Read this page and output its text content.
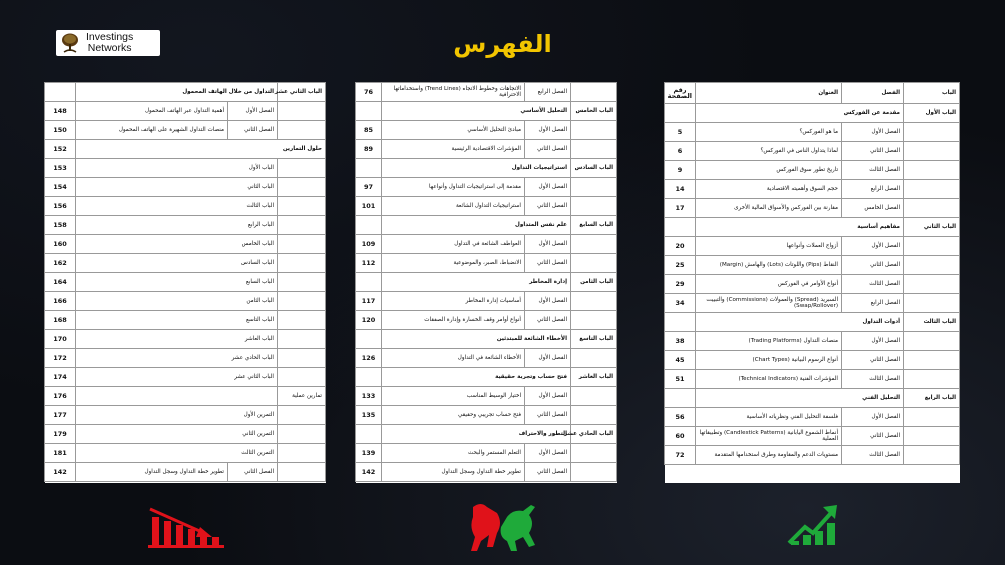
Investings
Networks	الفهرس
الباب	الفصل	العنوان	رقم الصفحة
الباب الأول	مقدمة عن الفوركس		
	الفصل الأول	ما هو الفوركس؟	5
	الفصل الثاني	لماذا يتداول الناس في الفوركس؟	6
	الفصل الثالث	تاريخ تطور سوق الفوركس	9
	الفصل الرابع	حجم السوق وأهميته الاقتصادية	14
	الفصل الخامس	مقارنة بين الفوركس والأسواق المالية الأخرى	17
الباب الثاني	مفاهيم أساسية		
	الفصل الأول	أزواج العملات وأنواعها	20
	الفصل الثاني	النقاط (Pips) واللوتات (Lots) والهامش (Margin)	25
	الفصل الثالث	أنواع الأوامر في الفوركس	29
	الفصل الرابع	السبريد (Spread) والعمولات (Commissions) والتبييت (Swap/Rollover)	34
الباب الثالث	أدوات التداول		
	الفصل الأول	منصات التداول (Trading Platforms)	38
	الفصل الثاني	أنواع الرسوم البيانية (Chart Types)	45
	الفصل الثالث	المؤشرات الفنية (Technical Indicators)	51
الباب الرابع	التحليل الفني		
	الفصل الأول	فلسفة التحليل الفني ونظرياته الأساسية	56
	الفصل الثاني	أنماط الشموع اليابانية (Candlestick Patterns) وتطبيقاتها العملية	60
	الفصل الثالث	مستويات الدعم والمقاومة وطرق استخدامها المتقدمة	72
	الفصل الرابع	الاتجاهات وخطوط الاتجاه (Trend Lines) واستخداماتها الاحترافية	76
الباب الخامس	التحليل الأساسي		
	الفصل الأول	مبادئ التحليل الأساسي	85
	الفصل الثاني	المؤشرات الاقتصادية الرئيسية	89
الباب السادس	استراتيجيات التداول		
	الفصل الأول	مقدمة إلى استراتيجيات التداول وأنواعها	97
	الفصل الثاني	استراتيجيات التداول الشائعة	101
الباب السابع	علم نفس المتداول		
	الفصل الأول	العواطف الشائعة في التداول	109
	الفصل الثاني	الانضباط، الصبر، والموضوعية	112
الباب الثامن	إدارة المخاطر		
	الفصل الأول	أساسيات إدارة المخاطر	117
	الفصل الثاني	أنواع أوامر وقف الخسارة وإدارة الصفقات	120
الباب التاسع	الأخطاء الشائعة للمبتدئين		
	الفصل الأول	الأخطاء الشائعة في التداول	126
الباب العاشر	فتح حساب وتجربة حقيقية		
	الفصل الأول	اختيار الوسيط المناسب	133
	الفصل الثاني	فتح حساب تجريبي وحقيقي	135
الباب الحادي عشر	التطور والاحتراف		
	الفصل الأول	التعلم المستمر والبحث	139
	الفصل الثاني	تطوير خطة التداول وسجل التداول	142
الباب الثاني عشر	التداول من خلال الهاتف المحمول		
	الفصل الأول	أهمية التداول عبر الهاتف المحمول	148
	الفصل الثاني	منصات التداول الشهيرة على الهاتف المحمول	150
حلول التمارين			152
	الباب الأول		153
	الباب الثاني		154
	الباب الثالث		156
	الباب الرابع		158
	الباب الخامس		160
	الباب السادس		162
	الباب السابع		164
	الباب الثامن		166
	الباب التاسع		168
	الباب العاشر		170
	الباب الحادي عشر		172
	الباب الثاني عشر		174
تمارين عملية			176
	التمرين الأول		177
	التمرين الثاني		179
	التمرين الثالث		181
	الفصل الثاني	تطوير خطة التداول وسجل التداول	142
